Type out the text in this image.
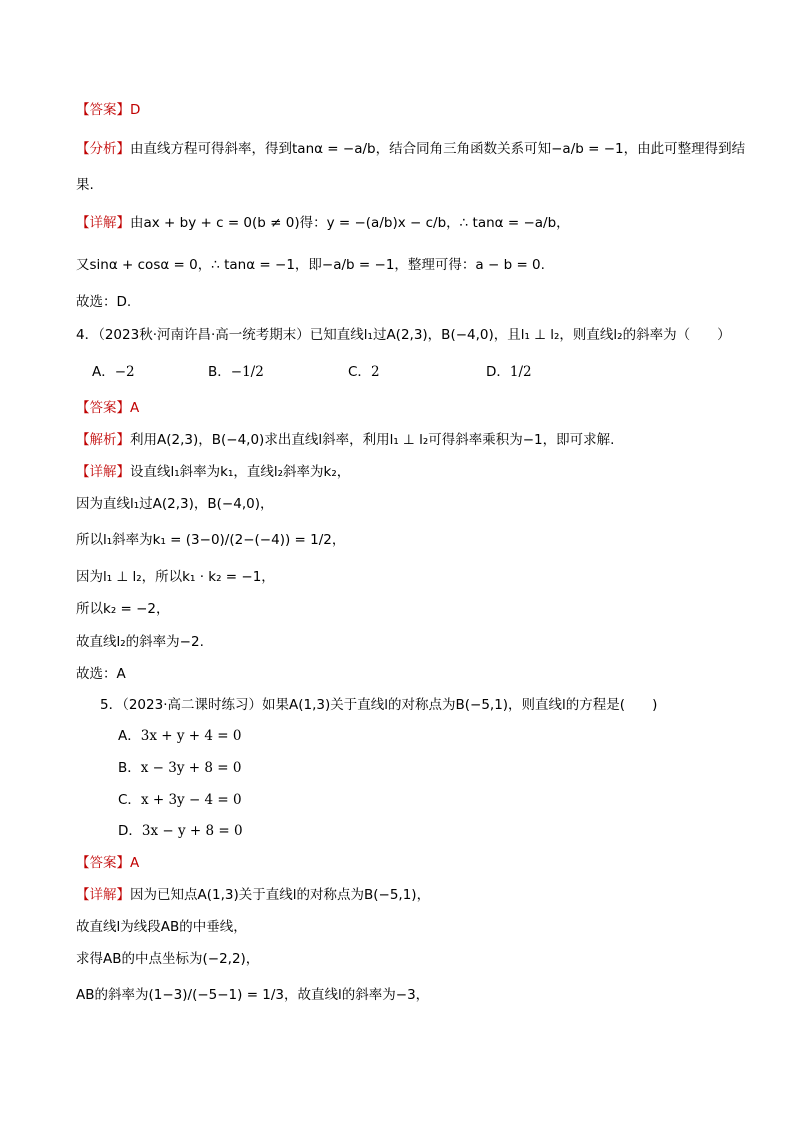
【答案】D
【分析】由直线方程可得斜率，得到tanα = −a/b，结合同角三角函数关系可知−a/b = −1，由此可整理得到结
果.
【详解】由ax + by + c = 0(b ≠ 0)得：y = −(a/b)x − c/b，∴ tanα = −a/b，
又sinα + cosα = 0，∴ tanα = −1，即−a/b = −1，整理可得：a − b = 0.
故选：D.
4．（2023秋·河南许昌·高一统考期末）已知直线l₁过A(2,3)，B(−4,0)，且l₁ ⊥ l₂，则直线l₂的斜率为（　　）
A．−2	B．−1/2	C．2	D．1/2
【答案】A
【解析】利用A(2,3)，B(−4,0)求出直线l斜率，利用l₁ ⊥ l₂可得斜率乘积为−1，即可求解.
【详解】设直线l₁斜率为k₁，直线l₂斜率为k₂，
因为直线l₁过A(2,3)，B(−4,0)，
所以l₁斜率为k₁ = (3−0)/(2−(−4)) = 1/2，
因为l₁ ⊥ l₂，所以k₁ · k₂ = −1，
所以k₂ = −2，
故直线l₂的斜率为−2.
故选：A
5．（2023·高二课时练习）如果A(1,3)关于直线l的对称点为B(−5,1)，则直线l的方程是(　　)
A．3x + y + 4 = 0
B．x − 3y + 8 = 0
C．x + 3y − 4 = 0
D．3x − y + 8 = 0
【答案】A
【详解】因为已知点A(1,3)关于直线l的对称点为B(−5,1)，
故直线l为线段AB的中垂线，
求得AB的中点坐标为(−2,2)，
AB的斜率为(1−3)/(−5−1) = 1/3，故直线l的斜率为−3，
